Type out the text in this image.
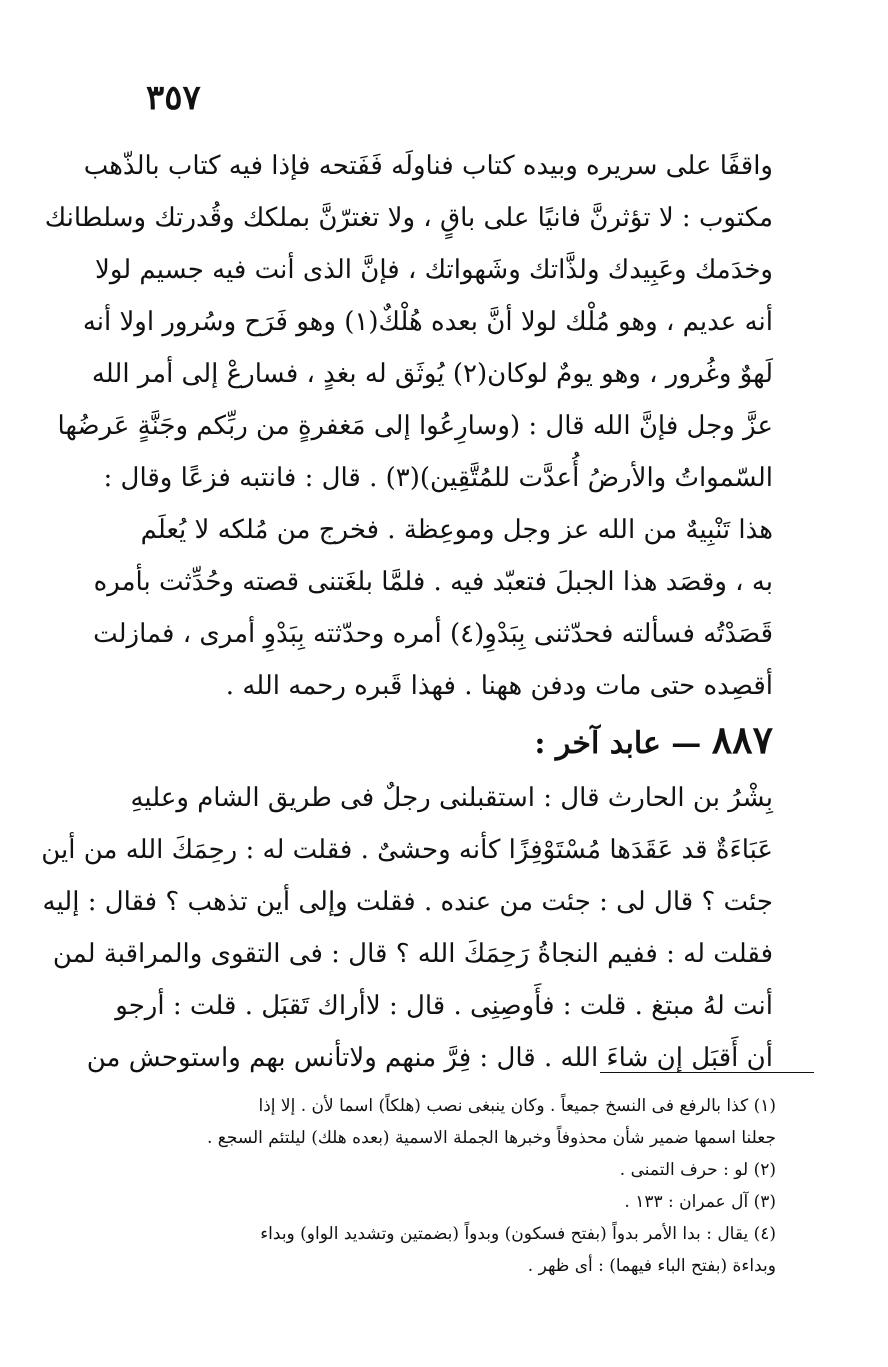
٣٥٧
واقفًا على سريره وبيده كتاب فناولَه فَفَتحه فإذا فيه كتاب بالذّهب
مكتوب : لا تؤثرنَّ فانيًا على باقٍ ، ولا تغترّنَّ بملكك وقُدرتك وسلطانك
وخدَمك وعَبِيدك ولذَّاتك وشَهواتك ، فإنَّ الذى أنت فيه جسيم لولا
أنه عديم ، وهو مُلْك لولا أنَّ بعده هُلْكٌ(١) وهو فَرَح وسُرور اولا أنه
لَهوٌ وغُرور ، وهو يومٌ لوكان(٢) يُوثَق له بغدٍ ، فسارعْ إلى أمر الله
عزَّ وجل فإنَّ الله قال : (وسارِعُوا إلى مَغفرةٍ من ربِّكم وجَنَّةٍ عَرضُها
السّمواتُ والأرضُ أُعدَّت للمُتَّقِين)(٣) . قال : فانتبه فزعًا وقال :
هذا تَنْبِيهٌ من الله عز وجل وموعِظة . فخرج من مُلكه لا يُعلَم
به ، وقصَد هذا الجبلَ فتعبّد فيه . فلمَّا بلغَتنى قصته وحُدِّثت بأمره
قَصَدْتُه فسألته فحدّثنى بِبَدْوِ(٤) أمره وحدّثته بِبَدْوِ أمرى ، فمازلت
أقصِده حتى مات ودفن ههنا . فهذا قَبره رحمه الله .
٨٨٧ — عابد آخر :
بِشْرُ بن الحارث قال : استقبلنى رجلٌ فى طريق الشام وعليهِ
عَبَاءَةٌ قد عَقَدَها مُسْتَوْفِزًا كأنه وحشىٌ . فقلت له : رحِمَكَ الله من أين
جئت ؟ قال لى : جئت من عنده . فقلت وإلى أين تذهب ؟ فقال : إليه
فقلت له : ففيم النجاةُ رَحِمَكَ الله ؟ قال : فى التقوى والمراقبة لمن
أنت لهُ مبتغ . قلت : فأَوصِنِى . قال : لاأراك تَقبَل . قلت : أرجو
أن أَقبَل إن شاءَ الله . قال : فِرَّ منهم ولاتأنس بهم واستوحش من
(١) كذا بالرفع فى النسخ جميعاً . وكان ينبغى نصب (هلكاً) اسما لأن . إلا إذا
جعلنا اسمها ضمير شأن محذوفاً وخبرها الجملة الاسمية (بعده هلك) ليلتئم السجع .
(٢) لو : حرف التمنى .
(٣) آل عمران : ١٣٣ .
(٤) يقال : بدا الأمر بدواً (بفتح فسكون) وبدواً (بضمتين وتشديد الواو) وبداء
وبداءة (بفتح الباء فيهما) : أى ظهر .
